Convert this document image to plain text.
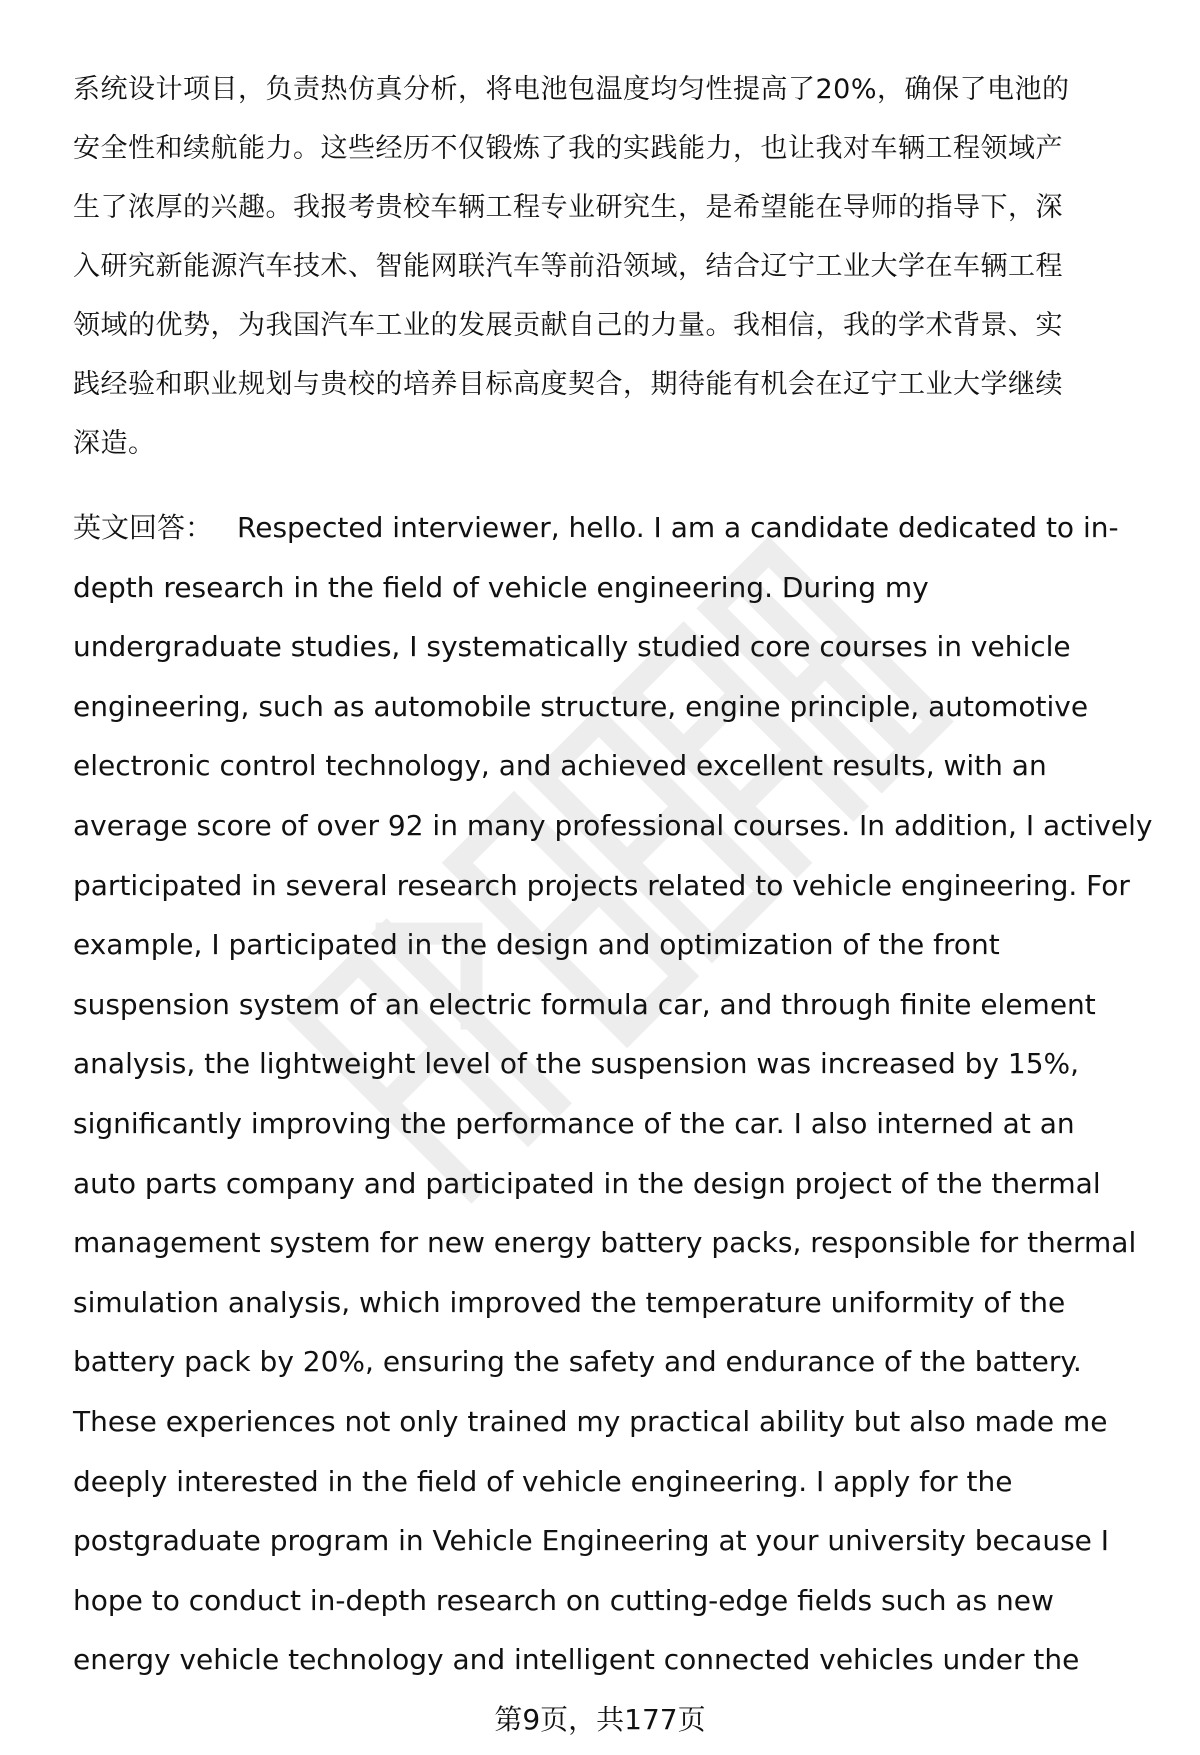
系统设计项目，负责热仿真分析，将电池包温度均匀性提高了20%，确保了电池的
安全性和续航能力。这些经历不仅锻炼了我的实践能力，也让我对车辆工程领域产
生了浓厚的兴趣。我报考贵校车辆工程专业研究生，是希望能在导师的指导下，深
入研究新能源汽车技术、智能网联汽车等前沿领域，结合辽宁工业大学在车辆工程
领域的优势，为我国汽车工业的发展贡献自己的力量。我相信，我的学术背景、实
践经验和职业规划与贵校的培养目标高度契合，期待能有机会在辽宁工业大学继续
深造。
英文回答： Respected interviewer, hello. I am a candidate dedicated to in-
depth research in the field of vehicle engineering. During my
undergraduate studies, I systematically studied core courses in vehicle
engineering, such as automobile structure, engine principle, automotive
electronic control technology, and achieved excellent results, with an
average score of over 92 in many professional courses. In addition, I actively
participated in several research projects related to vehicle engineering. For
example, I participated in the design and optimization of the front
suspension system of an electric formula car, and through finite element
analysis, the lightweight level of the suspension was increased by 15%,
significantly improving the performance of the car. I also interned at an
auto parts company and participated in the design project of the thermal
management system for new energy battery packs, responsible for thermal
simulation analysis, which improved the temperature uniformity of the
battery pack by 20%, ensuring the safety and endurance of the battery.
These experiences not only trained my practical ability but also made me
deeply interested in the field of vehicle engineering. I apply for the
postgraduate program in Vehicle Engineering at your university because I
hope to conduct in-depth research on cutting-edge fields such as new
energy vehicle technology and intelligent connected vehicles under the
第9页，共177页
